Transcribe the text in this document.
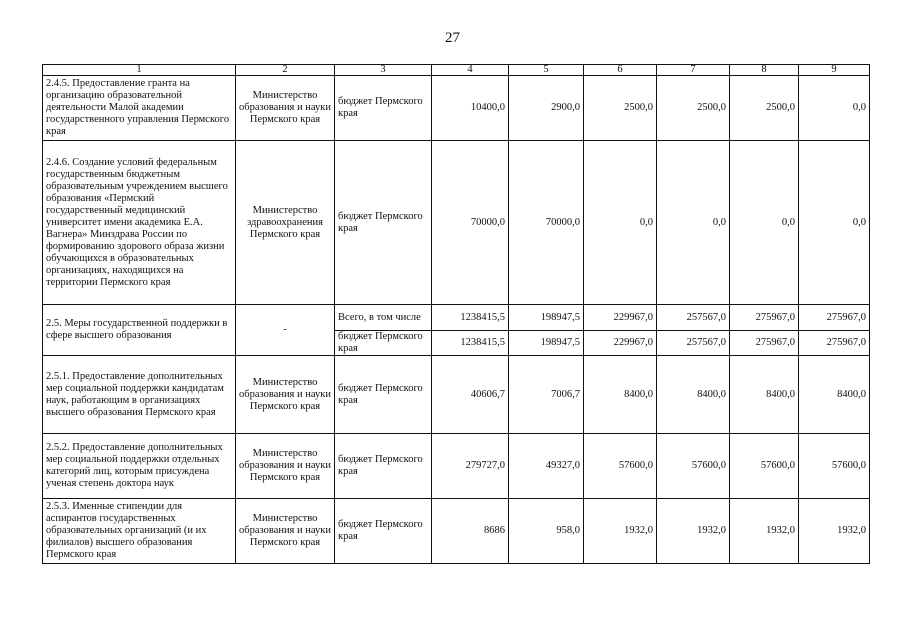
27
1	2	3	4	5	6	7	8	9
2.4.5. Предоставление гранта на организацию образовательной деятельности Малой академии государственного управления Пермского края	Министерство образования и науки Пермского края	бюджет Пермского края	10400,0	2900,0	2500,0	2500,0	2500,0	0,0
2.4.6. Создание условий федеральным государственным бюджетным образовательным учреждением высшего образования «Пермский государственный медицинский университет имени академика Е.А. Вагнера» Минздрава России по формированию здорового образа жизни обучающихся в образовательных организациях, находящихся на территории Пермского края	Министерство здравоохранения Пермского края	бюджет Пермского края	70000,0	70000,0	0,0	0,0	0,0	0,0
2.5. Меры государственной поддержки в сфере высшего образования	-	Всего, в том числе	1238415,5	198947,5	229967,0	257567,0	275967,0	275967,0
		бюджет Пермского края	1238415,5	198947,5	229967,0	257567,0	275967,0	275967,0
2.5.1. Предоставление дополнительных мер социальной поддержки кандидатам наук, работающим в организациях высшего образования Пермского края	Министерство образования и науки Пермского края	бюджет Пермского края	40606,7	7006,7	8400,0	8400,0	8400,0	8400,0
2.5.2. Предоставление дополнительных мер социальной поддержки отдельных категорий лиц, которым присуждена ученая степень доктора наук	Министерство образования и науки Пермского края	бюджет Пермского края	279727,0	49327,0	57600,0	57600,0	57600,0	57600,0
2.5.3. Именные стипендии для аспирантов государственных образовательных организаций (и их филиалов) высшего образования Пермского края	Министерство образования и науки Пермского края	бюджет Пермского края	8686	958,0	1932,0	1932,0	1932,0	1932,0
